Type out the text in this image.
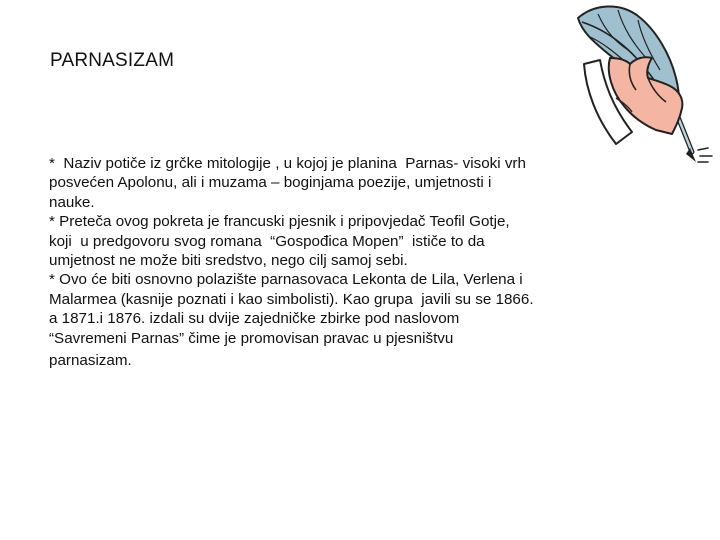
PARNASIZAM
*  Naziv potiče iz grčke mitologije , u kojoj je planina  Parnas- visoki vrh
posvećen Apolonu, ali i muzama – boginjama poezije, umjetnosti i
nauke.
* Preteča ovog pokreta je francuski pjesnik i pripovjedač Teofil Gotje,
koji  u predgovoru svog romana  “Gospođica Mopen”  ističe to da
umjetnost ne može biti sredstvo, nego cilj samoj sebi.
* Ovo će biti osnovno polazište parnasovaca Lekonta de Lila, Verlena i
Malarmea (kasnije poznati i kao simbolisti). Kao grupa  javili su se 1866.
a 1871.i 1876. izdali su dvije zajedničke zbirke pod naslovom
“Savremeni Parnas” čime je promovisan pravac u pjesništvu
parnasizam.
